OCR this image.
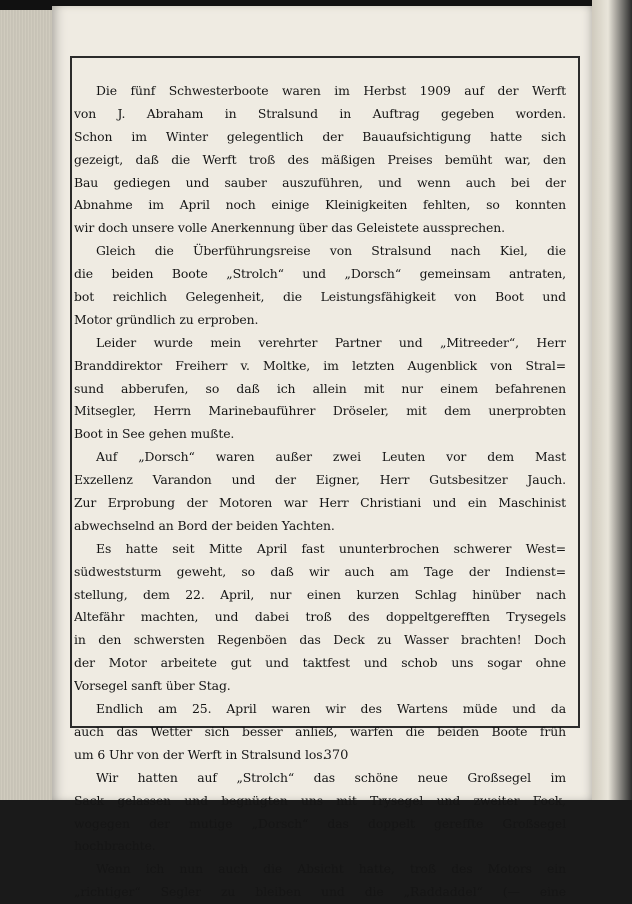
Die fünf Schwesterboote waren im Herbst 1909 auf der Werft
von J. Abraham in Stralsund in Auftrag gegeben worden.
Schon im Winter gelegentlich der Bauaufsichtigung hatte sich
gezeigt, daß die Werft troß des mäßigen Preises bemüht war, den
Bau gediegen und sauber auszuführen, und wenn auch bei der
Abnahme im April noch einige Kleinigkeiten fehlten, so konnten
wir doch unsere volle Anerkennung über das Geleistete aussprechen.
Gleich die Überführungsreise von Stralsund nach Kiel, die
die beiden Boote „Strolch“ und „Dorsch“ gemeinsam antraten,
bot reichlich Gelegenheit, die Leistungsfähigkeit von Boot und
Motor gründlich zu erproben.
Leider wurde mein verehrter Partner und „Mitreeder“, Herr
Branddirektor Freiherr v. Moltke, im letzten Augenblick von Stral=
sund abberufen, so daß ich allein mit nur einem befahrenen
Mitsegler, Herrn Marinebauführer Dröseler, mit dem unerprobten
Boot in See gehen mußte.
Auf „Dorsch“ waren außer zwei Leuten vor dem Mast
Exzellenz Varandon und der Eigner, Herr Gutsbesitzer Jauch.
Zur Erprobung der Motoren war Herr Christiani und ein Maschinist
abwechselnd an Bord der beiden Yachten.
Es hatte seit Mitte April fast ununterbrochen schwerer West=
südweststurm geweht, so daß wir auch am Tage der Indienst=
stellung, dem 22. April, nur einen kurzen Schlag hinüber nach
Altefähr machten, und dabei troß des doppeltgerefften Trysegels
in den schwersten Regenböen das Deck zu Wasser brachten! Doch
der Motor arbeitete gut und taktfest und schob uns sogar ohne
Vorsegel sanft über Stag.
Endlich am 25. April waren wir des Wartens müde und da
auch das Wetter sich besser anließ, warfen die beiden Boote früh
um 6 Uhr von der Werft in Stralsund los.
Wir hatten auf „Strolch“ das schöne neue Großsegel im
Sack gelassen und begnügten uns mit Trysegel und zweiter Fock,
wogegen der mutige „Dorsch“ das doppelt gereffte Großsegel
hochbrachte.
Wenn ich nun auch die Absicht hatte, troß des Motors ein
„richtiger“ Segler zu bleiben und die „Raddaddel“ (— eine
370
